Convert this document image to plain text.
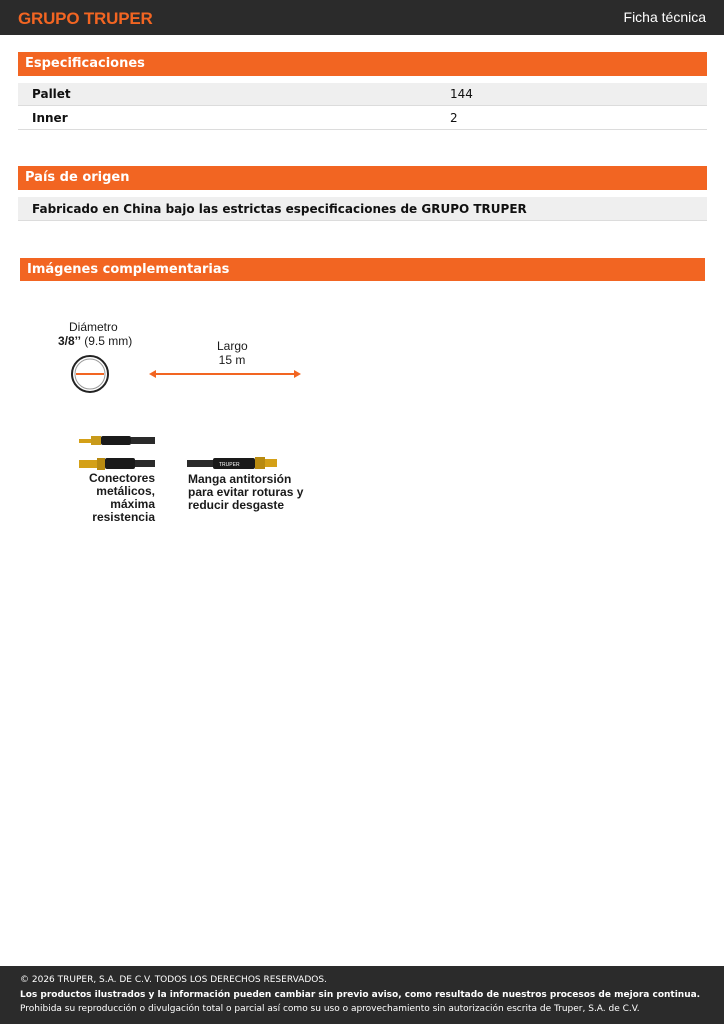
GRUPO TRUPER	Ficha técnica
Especificaciones
Pallet	144
Inner	2
País de origen
Fabricado en China bajo las estrictas especificaciones de GRUPO TRUPER
Imágenes complementarias
Diámetro
3/8’’ (9.5 mm)	Largo
15 m
TRUPER
Conectores
metálicos, máxima
resistencia
Manga antitorsión
para evitar roturas y
reducir desgaste
© 2026 TRUPER, S.A. DE C.V. TODOS LOS DERECHOS RESERVADOS.
Los productos ilustrados y la información pueden cambiar sin previo aviso, como resultado de nuestros procesos de mejora continua.
Prohibida su reproducción o divulgación total o parcial así como su uso o aprovechamiento sin autorización escrita de Truper, S.A. de C.V.
